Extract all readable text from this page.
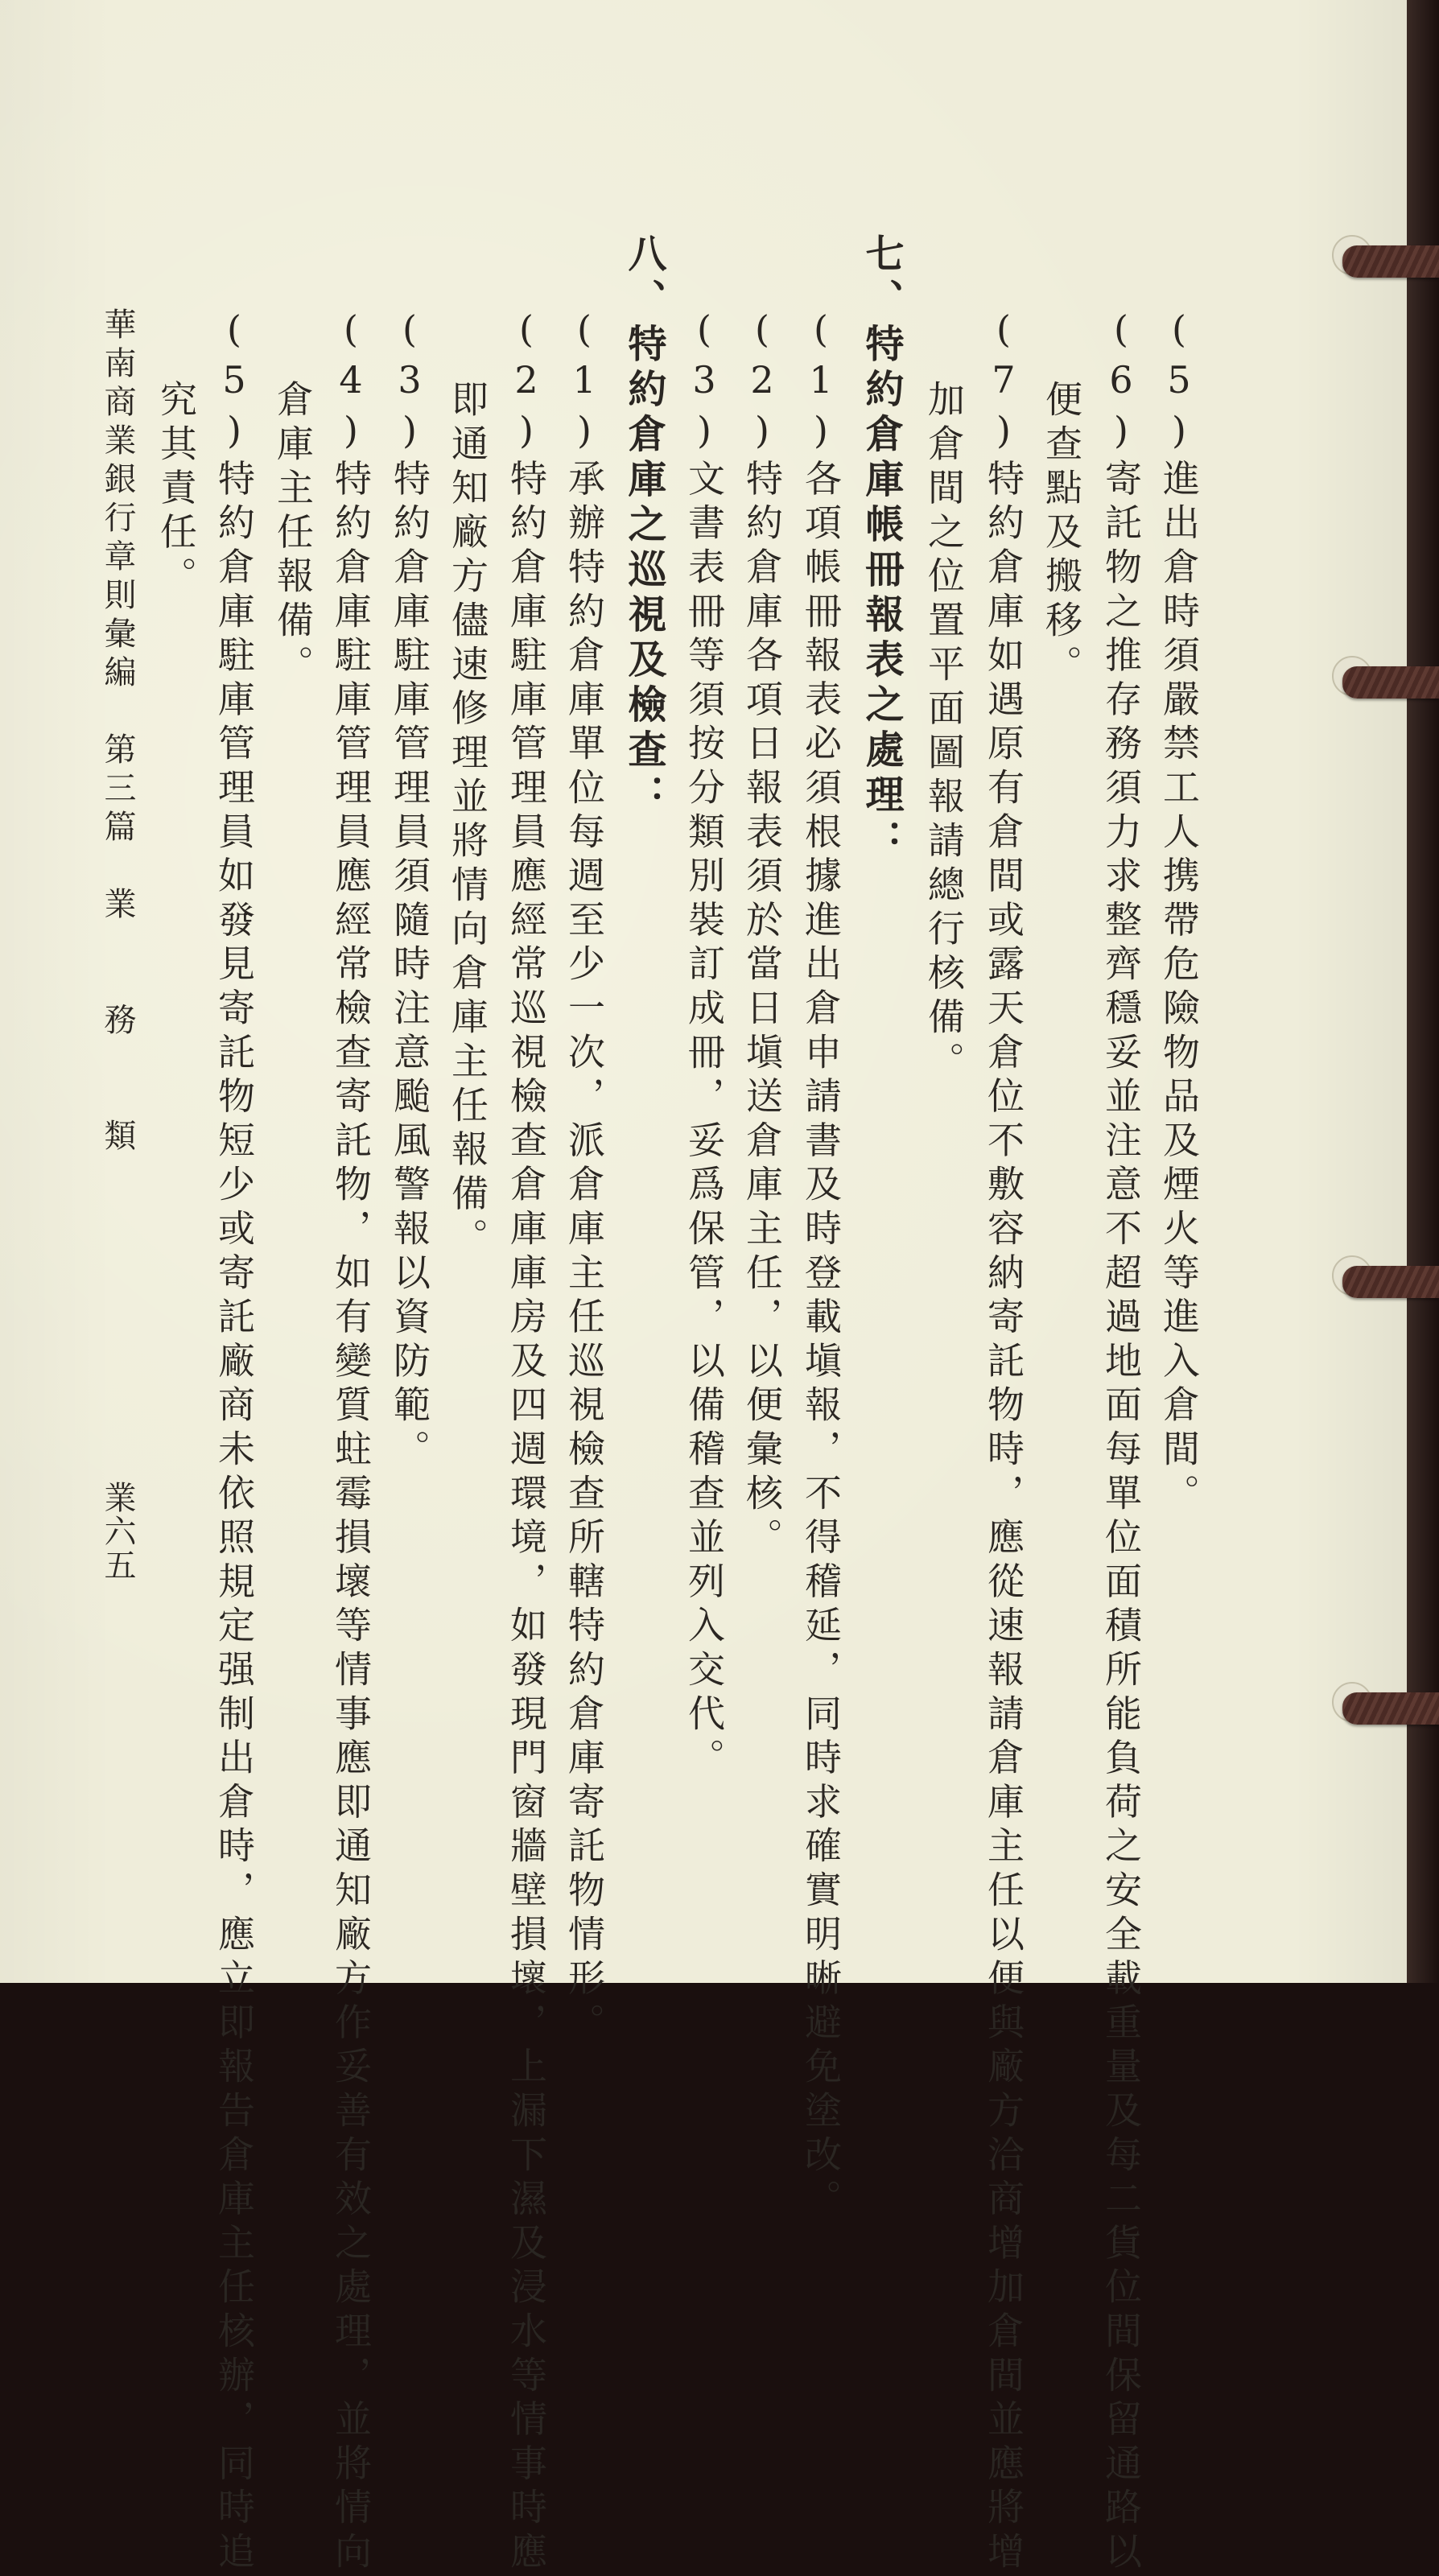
(5)進出倉時須嚴禁工人携帶危險物品及煙火等進入倉間。
(6)寄託物之推存務須力求整齊穩妥並注意不超過地面每單位面積所能負荷之安全載重量及每二貨位間保留通路以
便查點及搬移。
(7)特約倉庫如遇原有倉間或露天倉位不敷容納寄託物時，應從速報請倉庫主任以便與廠方洽商增加倉間並應將增
加倉間之位置平面圖報請總行核備。
七、特約倉庫帳冊報表之處理：
(1)各項帳冊報表必須根據進出倉申請書及時登載塡報，不得稽延，同時求確實明晰避免塗改。
(2)特約倉庫各項日報表須於當日塡送倉庫主任，以便彙核。
(3)文書表冊等須按分類別裝訂成冊，妥爲保管，以備稽查並列入交代。
八、特約倉庫之巡視及檢查：
(1)承辦特約倉庫單位每週至少一次，派倉庫主任巡視檢查所轄特約倉庫寄託物情形。
(2)特約倉庫駐庫管理員應經常巡視檢查倉庫庫房及四週環境，如發現門窗牆壁損壞，上漏下濕及浸水等情事時應
即通知廠方儘速修理並將情向倉庫主任報備。
(3)特約倉庫駐庫管理員須隨時注意颱風警報以資防範。
(4)特約倉庫駐庫管理員應經常檢查寄託物，如有變質蛀霉損壞等情事應即通知廠方作妥善有效之處理，並將情向
倉庫主任報備。
(5)特約倉庫駐庫管理員如發見寄託物短少或寄託廠商未依照規定强制出倉時，應立即報告倉庫主任核辦，同時追
究其責任。
華南商業銀行章則彙編　第三篇　業　　務　　類
業六五
